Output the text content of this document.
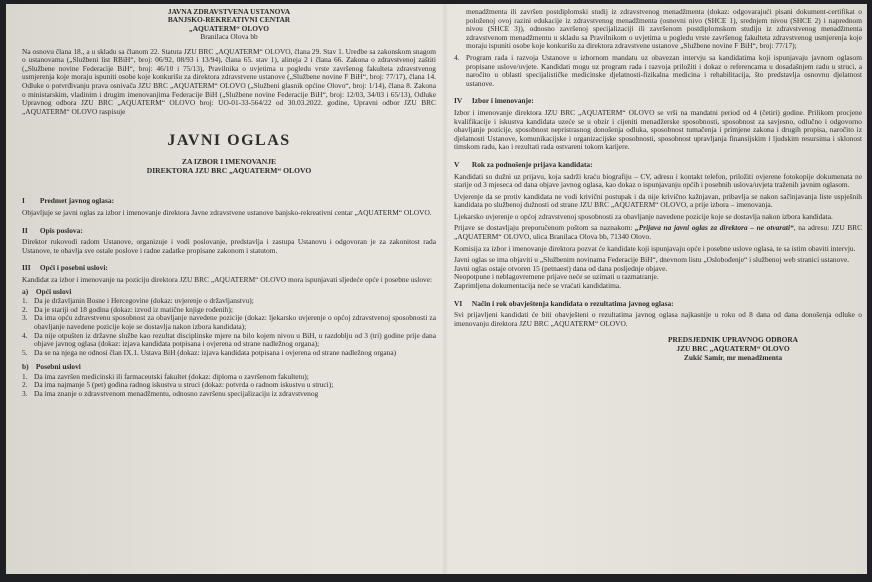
JAVNA ZDRAVSTVENA USTANOVA
BANJSKO-REKREATIVNI CENTAR
„AQUATERM“ OLOVO
Branilaca Olova bb

Na osnovu člana 18., a u skladu sa članom 22. Statuta JZU BRC „AQUATERM“ OLOVO, člana 29. Stav 1. Uredbe sa zakonskom snagom o ustanovama („Službeni list RBiH“, broj: 06/92, 08/93 i 13/94), člana 65. stav 1), alineja 2 i člana 66. Zakona o zdravstvenoj zaštiti („Službene novine Federacije BiH“, broj: 46/10 i 75/13), Pravilnika o uvjetima u pogledu vrste završenog fakulteta zdravstvenog usmjerenja koje moraju ispuniti osobe koje konkurišu za direktora zdravstvene ustanove („Službene novine F BiH“, broj: 77/17), člana 14. Odluke o potvrđivanju prava osnivača JZU BRC „AQUATERM“ OLOVO („Službeni glasnik općine Olovo“, broj: 1/14), člana 8. Zakona o ministarskim, vladinim i drugim imenovanjima Federacije BiH („Službene novine Federacije BiH“, broj: 12/03, 34/03 i 65/13), Odluke Upravnog odbora JZU BRC „AQUATERM“ OLOVO broj: UO-01-33-564/22 od 30.03.2022. godine, Upravni odbor JZU BRC „AQUATERM“ OLOVO raspisuje

JAVNI OGLAS
ZA IZBOR I IMENOVANJE
DIREKTORA JZU BRC „AQUATERM“ OLOVO
I Predmet javnog oglasa:

Objavljuje se javni oglas za izbor i imenovanje direktora Javne zdravstvene ustanove banjsko-rekreativni centar „AQUATERM“ OLOVO.

II Opis poslova:

Direktor rukovodi radom Ustanove, organizuje i vodi poslovanje, predstavlja i zastupa Ustanovu i odgovoran je za zakonitost rada Ustanove, te obavlja sve ostale poslove i radne zadatke propisane zakonom i statutom.

III Opći i posebni uslovi:

Kandidat za izbor i imenovanje na poziciju direktora JZU BRC „AQUATERM“ OLOVO mora ispunjavati sljedeće opće i posebne uslove:

a) Opći uslovi
1. Da je državljanin Bosne i Hercegovine (dokaz: uvjerenje o državljanstvu);
2. Da je stariji od 18 godina (dokaz: izvod iz matične knjige rođenih);
3. Da ima opću zdravstvenu sposobnost za obavljanje navedene pozicije (dokaz: ljekarsko uvjerenje o općoj zdravstvenoj sposobnosti za obavljanje navedene pozicije koje se dostavlja nakon izbora kandidata);
4. Da nije otpušten iz državne službe kao rezultat disciplinske mjere na bilo kojem nivou u BiH, u razdoblju od 3 (tri) godine prije dana objave javnog oglasa (dokaz: izjava kandidata potpisana i ovjerena od strane nadležnog organa);
5. Da se na njega ne odnosi član IX.1. Ustava BiH (dokaz: izjava kandidata potpisana i ovjerena od strane nadležnog organa)
b) Posebni uslovi
1. Da ima završen medicinski ili farmaceutski fakultet (dokaz: diploma o završenom fakultetu);
2. Da ima najmanje 5 (pet) godina radnog iskustva u struci (dokaz: potvrda o radnom iskustvu u struci);
3. Da ima znanje o zdravstvenom menadžmentu, odnosno završenu specijalizaciju iz zdravstvenog

menadžmenta ili završen postdiplomski studij iz zdravstvenog menadžmenta (dokaz: odgovarajući pisani dokument-certifikat o položenoj ovoj razini edukacije iz zdravstvenog menadžmenta (osnovni nivo (SHCE 1), srednjem nivou (SHCE 2) i naprednom nivou (SHCE 3)), odnosno završenoj specijalizaciji ili završenom postdiplomskom studiju iz zdravstvenog menadžmenta zdravstvenom menadžmentu u skladu sa Pravilnikom o uvjetima u pogledu vrste završenog fakulteta zdravstvenog usmjerenja koje moraju ispuniti osobe koje konkurišu za direktora zdravstvene ustanove „Službene novine F BiH“, broj: 77/17);

4. Program rada i razvoja Ustanove u izbornom mandatu uz obavezan intervju sa kandidatima koji ispunjavaju javnom oglasom propisane uslove/uvjete. Kandidati mogu uz program rada i razvoja priložiti i dokaz o referencama u dosadašnjem radu u struci, a naročito u oblasti specijalističke medicinske djelatnosti-fizikalna medicina i rehabilitacija, što predstavlja osnovnu djelatnost ustanove.
IV Izbor i imenovanje:

Izbor i imenovanje direktora JZU BRC „AQUATERM“ OLOVO se vrši na mandatni period od 4 (četiri) godine. Prilikom procjene kvalifikacije i iskustva kandidata uzeće se u obzir i cijeniti menadžerske sposobnosti, sposobnost za savjesno, odlučno i odgovorno obavljanje pozicije, sposobnost nepristrasnog donošenja odluka, sposobnost tumačenja i primjene zakona i drugih propisa, naročito iz djelatnosti Ustanove, komunikacijske i organizacijske sposobnosti, sposobnost upravljanja finansijskim i ljudskim resursima i sklonost timskom radu, kao i rezultati rada ostvareni tokom karijere.

V Rok za podnošenje prijava kandidata:

Kandidati su dužni uz prijavu, koja sadrži kraću biografiju – CV, adresu i kontakt telefon, priložiti ovjerene fotokopije dokumenata ne starije od 3 mjeseca od dana objave javnog oglasa, kao dokaz o ispunjavanju općih i posebnih uslova/uvjeta traženih javnim oglasom.

Uvjerenje da se protiv kandidata ne vodi krivični postupak i da nije krivično kažnjavan, pribavlja se nakon sačinjavanja liste uspješnih kandidata po službenoj dužnosti od strane JZU BRC „AQUATERM“ OLOVO, a prije izbora – imenovanja.

Ljekarsko uvjerenje o općoj zdravstvenoj sposobnosti za obavljanje navedene pozicije koje se dostavlja nakon izbora kandidata.

Prijave se dostavljaju preporučenom poštom sa naznakom: „Prijava na javni oglas za direktora – ne otvarati“, na adresu: JZU BRC „AQUATERM“ OLOVO, ulica Branilaca Olova bb, 71340 Olovo.

Komisija za izbor i imenovanje direktora pozvat će kandidate koji ispunjavaju opće i posebne uslove oglasa, te sa istim obaviti intervju.

Javni oglas se ima objaviti u „Službenim novinama Federacije BiH“, dnevnom listu „Oslobođenje“ i službenoj web stranici ustanove.
Javni oglas ostaje otvoren 15 (petnaest) dana od dana posljednje objave.
Neopotpune i neblagovremene prijave neće se uzimati u razmatranje.
Zaprimljena dokumentacija neće se vraćati kandidatima.
VI Način i rok obavještenja kandidata o rezultatima javnog oglasa:

Svi prijavljeni kandidati će biti obavješteni o rezultatima javnog oglasa najkasnije u roku od 8 dana od dana donošenja odluke o imenovanju direktora JZU BRC „AQUATERM“ OLOVO.

PREDSJEDNIK UPRAVNOG ODBORA
JZU BRC „AQUATERM“ OLOVO
Zukić Samir, mr menadžmenta
